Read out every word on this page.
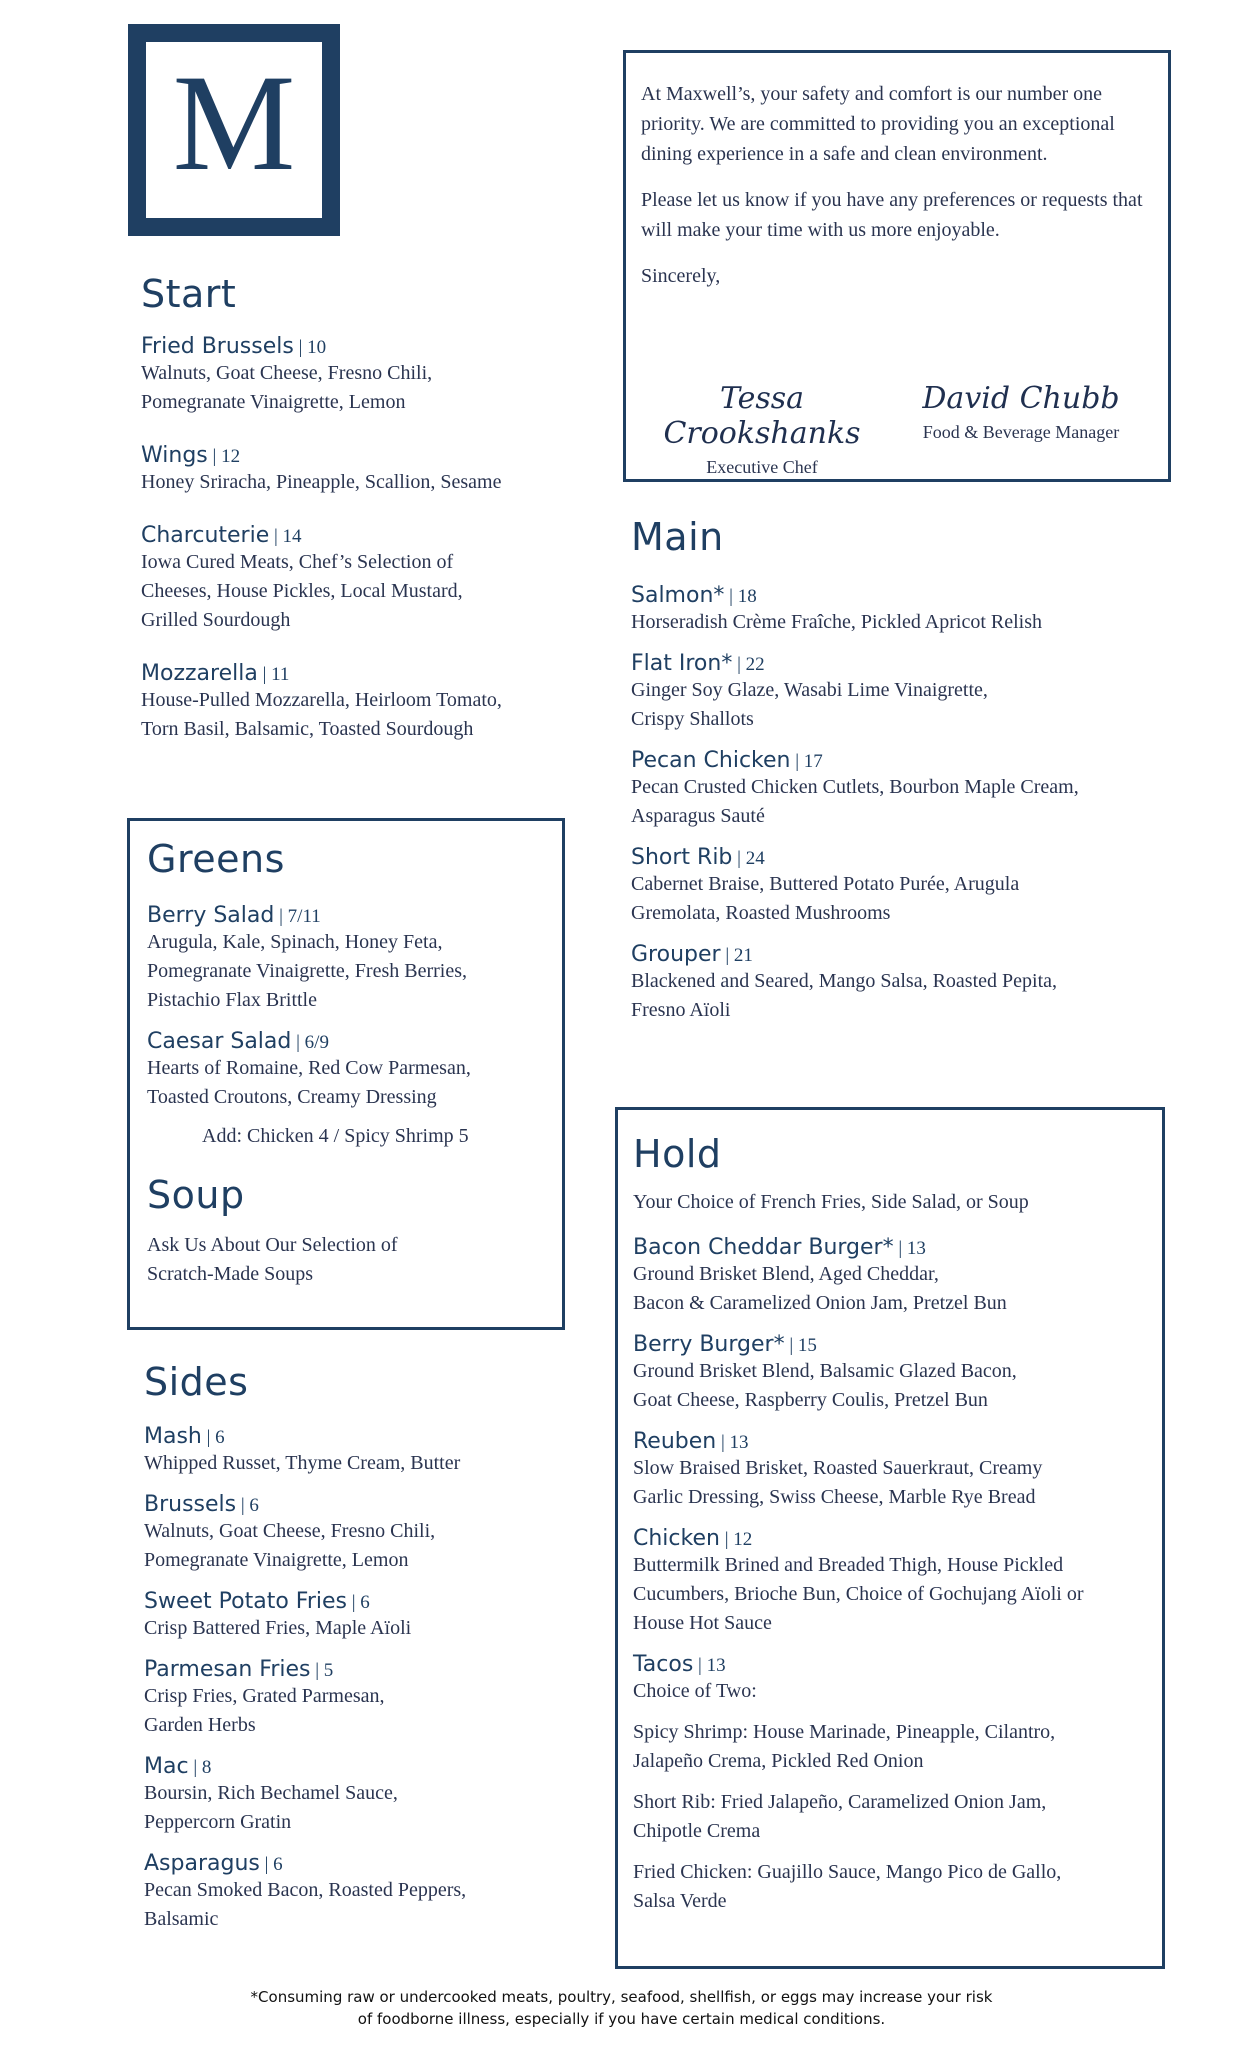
M	At Maxwell’s, your safety and comfort is our number one priority. We are committed to providing you an exceptional dining experience in a safe and clean environment.

Please let us know if you have any preferences or requests that will make your time with us more enjoyable.

Sincerely,

Tessa Crookshanks
Executive Chef
David Chubb
Food & Beverage Manager
Start
Fried Brussels | 10
Walnuts, Goat Cheese, Fresno Chili,
Pomegranate Vinaigrette, Lemon
Wings | 12
Honey Sriracha, Pineapple, Scallion, Sesame
Charcuterie | 14
Iowa Cured Meats, Chef’s Selection of
Cheeses, House Pickles, Local Mustard,
Grilled Sourdough
Mozzarella | 11
House-Pulled Mozzarella, Heirloom Tomato,
Torn Basil, Balsamic, Toasted Sourdough
Greens
Berry Salad | 7/11
Arugula, Kale, Spinach, Honey Feta,
Pomegranate Vinaigrette, Fresh Berries,
Pistachio Flax Brittle
Caesar Salad | 6/9
Hearts of Romaine, Red Cow Parmesan,
Toasted Croutons, Creamy Dressing
Add: Chicken 4 / Spicy Shrimp 5
Soup
Ask Us About Our Selection of
Scratch-Made Soups
Sides
Mash | 6
Whipped Russet, Thyme Cream, Butter
Brussels | 6
Walnuts, Goat Cheese, Fresno Chili,
Pomegranate Vinaigrette, Lemon
Sweet Potato Fries | 6
Crisp Battered Fries, Maple Aïoli
Parmesan Fries | 5
Crisp Fries, Grated Parmesan,
Garden Herbs
Mac | 8
Boursin, Rich Bechamel Sauce,
Peppercorn Gratin
Asparagus | 6
Pecan Smoked Bacon, Roasted Peppers,
Balsamic
Main
Salmon* | 18
Horseradish Crème Fraîche, Pickled Apricot Relish
Flat Iron* | 22
Ginger Soy Glaze, Wasabi Lime Vinaigrette,
Crispy Shallots
Pecan Chicken | 17
Pecan Crusted Chicken Cutlets, Bourbon Maple Cream,
Asparagus Sauté
Short Rib | 24
Cabernet Braise, Buttered Potato Purée, Arugula
Gremolata, Roasted Mushrooms
Grouper | 21
Blackened and Seared, Mango Salsa, Roasted Pepita,
Fresno Aïoli
Hold
Your Choice of French Fries, Side Salad, or Soup
Bacon Cheddar Burger* | 13
Ground Brisket Blend, Aged Cheddar,
Bacon & Caramelized Onion Jam, Pretzel Bun
Berry Burger* | 15
Ground Brisket Blend, Balsamic Glazed Bacon,
Goat Cheese, Raspberry Coulis, Pretzel Bun
Reuben | 13
Slow Braised Brisket, Roasted Sauerkraut, Creamy
Garlic Dressing, Swiss Cheese, Marble Rye Bread
Chicken | 12
Buttermilk Brined and Breaded Thigh, House Pickled
Cucumbers, Brioche Bun, Choice of Gochujang Aïoli or
House Hot Sauce
Tacos | 13
Choice of Two:
Spicy Shrimp: House Marinade, Pineapple, Cilantro,
Jalapeño Crema, Pickled Red Onion
Short Rib: Fried Jalapeño, Caramelized Onion Jam,
Chipotle Crema
Fried Chicken: Guajillo Sauce, Mango Pico de Gallo,
Salsa Verde
*Consuming raw or undercooked meats, poultry, seafood, shellfish, or eggs may increase your risk
of foodborne illness, especially if you have certain medical conditions.
